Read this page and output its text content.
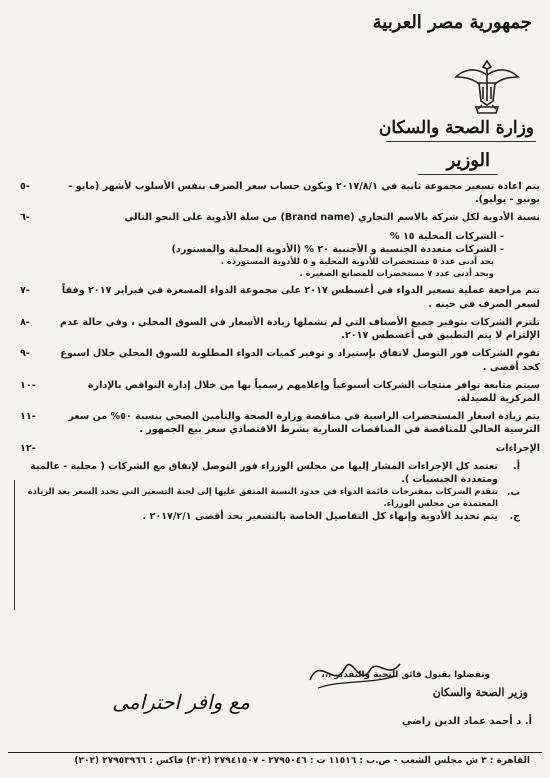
جمهورية مصر العربية
وزارة الصحة والسكان
الوزير
يتم اعادة تسعير مجموعة ثانية في ٢٠١٧/٨/١ ويكون حساب سعر الصرف بنفس الأسلوب لأشهر (مايو - يونيو - يوليو).
٥-
نسبة الأدوية لكل شركة بالاسم التجاري (Brand name) من سلة الأدوية على النحو التالي
٦-
- الشركات المحلية ١٥ %
- الشركات متعددة الجنسية و الأجنبية ٢٠ % (الأدوية المحلية والمستورد)
بحد أدنى عدد ٥ مستحضرات للأدوية المحلية و ٥ للأدوية المستوردة .
وبحد أدنى عدد ٧ مستحضرات للمصانع الصغيرة .
تتم مراجعة عملية تسعير الدواء في أغسطس ٢٠١٧ على مجموعة الدواء المسعرة في فبراير ٢٠١٧ وفقاً لسعر الصرف في حينه .
٧-
تلتزم الشركات بتوفير جميع الأصناف التي لم تشملها زيادة الأسعار في السوق المحلي ، وفي حالة عدم الإلتزام لا يتم التطبيق في أغسطس ٢٠١٧.
٨-
تقوم الشركات فور التوصل لاتفاق بإستيراد و توفير كميات الدواء المطلوبة للسوق المحلي خلال اسبوع كحد أقصى .
٩-
سيتم متابعة توافر منتجات الشركات أسبوعياً وإعلامهم رسمياً بها من خلال إدارة النواقص بالإدارة المركزية للصيدلة.
١٠-
يتم زيادة اسعار المستحضرات الراسية في مناقصة وزارة الصحة والتأمين الصحي بنسبة ٥٠% من سعر الترسية الحالي للمناقصة في المناقصات السارية بشرط الاقتصادي سعر بيع الجمهور .
١١-
الإجراءات
١٢-
أ.
تعتمد كل الإجراءات المشار إليها من مجلس الوزراء فور التوصل لإتفاق مع الشركات ( محلية - عالمية ومتعددة الجنسيات ).
ب.
تتقدم الشركات بمقترحات قائمة الدواء في حدود النسبة المتفق عليها إلى لجنة التسعير التي تحدد السعر بعد الزيادة المعتمدة من مجلس الوزراء.
ج.
يتم تحديد الأدوية وإنهاء كل التفاصيل الخاصة بالتسعير بحد أقصى ٢٠١٧/٢/١ .
وتفضلوا بقبول فائق التحية والتقدير ،،،
وزير الصحة والسكان
أ. د أحمد عماد الدين راضي
مع وافر احترامى
القاهرة : ٣ ش مجلس الشعب - ص.ب : ١١٥١٦ ت : ٢٧٩٥٠٤٦ - ٢٧٩٤١٥٠٧ (٢٠٢) فاكس : ٢٧٩٥٣٩٦٦ (٢٠٢)
